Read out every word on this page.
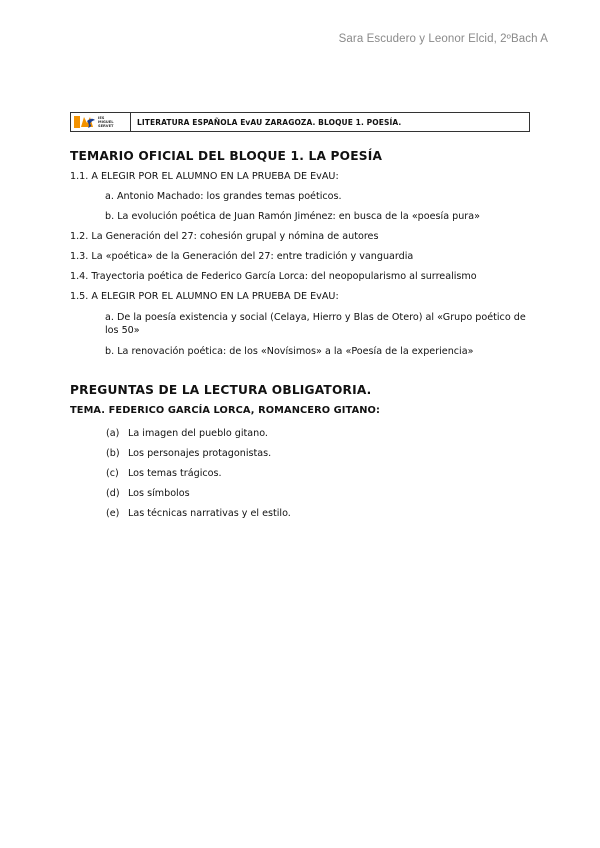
Sara Escudero y Leonor Elcid, 2ºBach A
IES
MIGUEL
SERVET	LITERATURA ESPAÑOLA EvAU ZARAGOZA. BLOQUE 1. POESÍA.
TEMARIO OFICIAL DEL BLOQUE 1. LA POESÍA

1.1. A ELEGIR POR EL ALUMNO EN LA PRUEBA DE EvAU:

a. Antonio Machado: los grandes temas poéticos.

b. La evolución poética de Juan Ramón Jiménez: en busca de la «poesía pura»

1.2. La Generación del 27: cohesión grupal y nómina de autores

1.3. La «poética» de la Generación del 27: entre tradición y vanguardia

1.4. Trayectoria poética de Federico García Lorca: del neopopularismo al surrealismo

1.5. A ELEGIR POR EL ALUMNO EN LA PRUEBA DE EvAU:

a. De la poesía existencia y social (Celaya, Hierro y Blas de Otero) al «Grupo poético de los 50»

b. La renovación poética: de los «Novísimos» a la «Poesía de la experiencia»

PREGUNTAS DE LA LECTURA OBLIGATORIA.
TEMA. FEDERICO GARCÍA LORCA, ROMANCERO GITANO:

(a) La imagen del pueblo gitano.

(b) Los personajes protagonistas.

(c) Los temas trágicos.

(d) Los símbolos

(e) Las técnicas narrativas y el estilo.
